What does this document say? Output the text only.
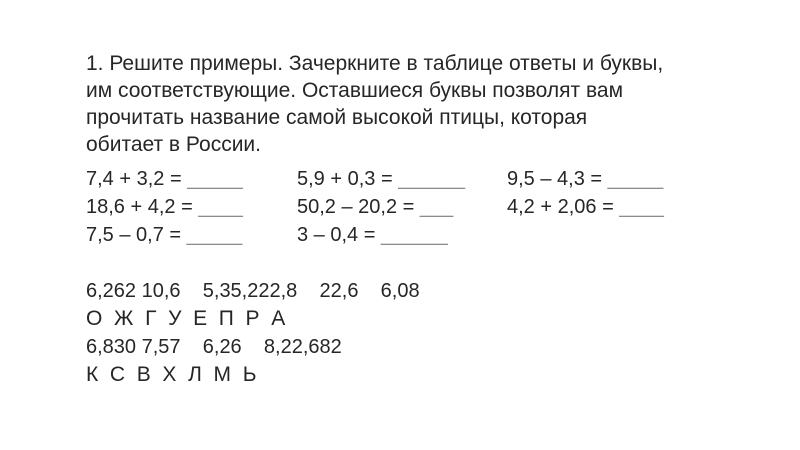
1. Решите примеры. Зачеркните в таблице ответы и буквы,
им соответствующие. Оставшиеся буквы позволят вам
прочитать название самой высокой птицы, которая
обитает в России.
7,4 + 3,2 = _____	5,9 + 0,3 = ______	9,5 – 4,3 = _____
18,6 + 4,2 = ____	50,2 – 20,2 = ___	4,2 + 2,06 = ____
7,5 – 0,7 = _____	3 – 0,4 = ______
6,262 10,6    5,35,222,8    22,6    6,08
О  Ж  Г  У  Е  П  Р  А
6,830 7,57    6,26    8,22,682
К  С  В  Х  Л  М  Ь
